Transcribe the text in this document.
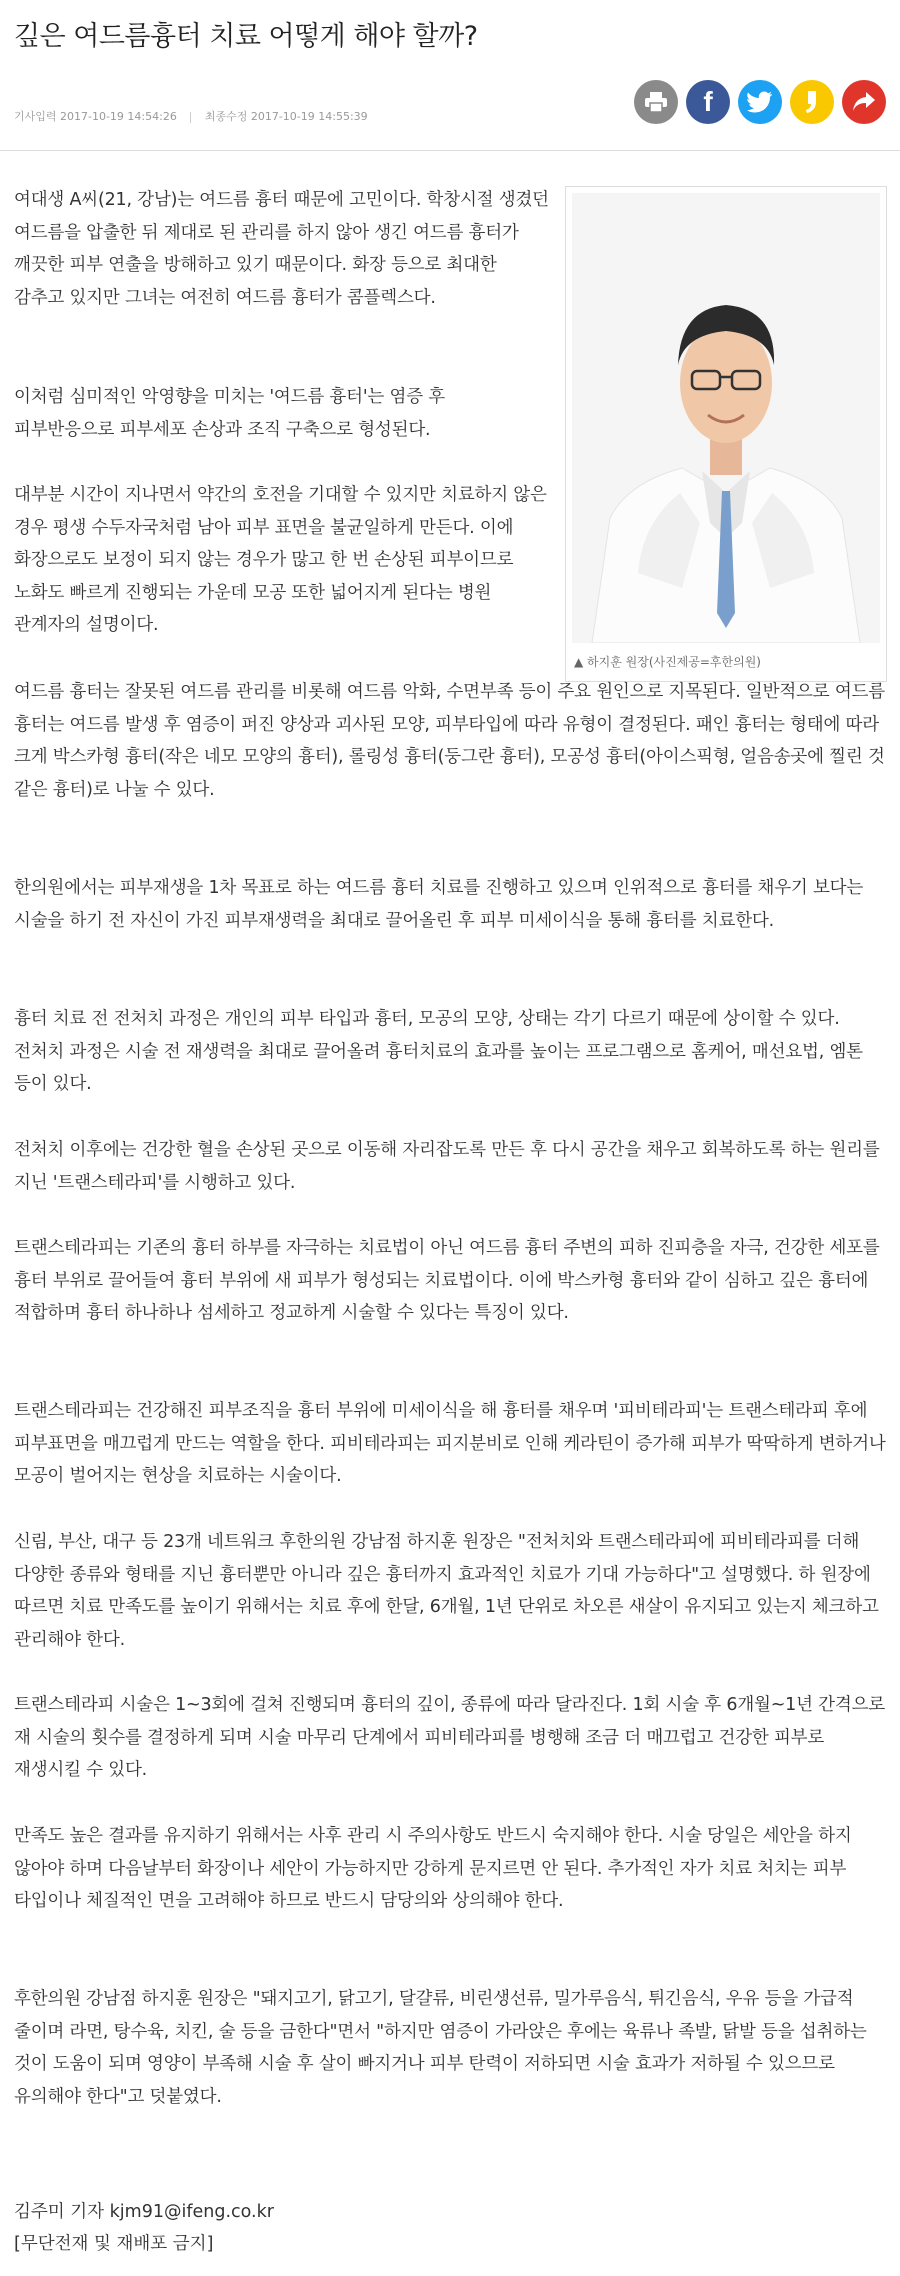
깊은 여드름흉터 치료 어떻게 해야 할까?
기사입력 2017-10-19 14:54:26	최종수정 2017-10-19 14:55:39	f
▲ 하지훈 원장(사진제공=후한의원)

여대생 A씨(21, 강남)는 여드름 흉터 때문에 고민이다. 학창시절 생겼던 여드름을 압출한 뒤 제대로 된 관리를 하지 않아 생긴 여드름 흉터가 깨끗한 피부 연출을 방해하고 있기 때문이다. 화장 등으로 최대한 감추고 있지만 그녀는 여전히 여드름 흉터가 콤플렉스다.

이처럼 심미적인 악영향을 미치는 '여드름 흉터'는 염증 후 피부반응으로 피부세포 손상과 조직 구축으로 형성된다.

대부분 시간이 지나면서 약간의 호전을 기대할 수 있지만 치료하지 않은 경우 평생 수두자국처럼 남아 피부 표면을 불균일하게 만든다. 이에 화장으로도 보정이 되지 않는 경우가 많고 한 번 손상된 피부이므로 노화도 빠르게 진행되는 가운데 모공 또한 넓어지게 된다는 병원 관계자의 설명이다.

여드름 흉터는 잘못된 여드름 관리를 비롯해 여드름 악화, 수면부족 등이 주요 원인으로 지목된다. 일반적으로 여드름 흉터는 여드름 발생 후 염증이 퍼진 양상과 괴사된 모양, 피부타입에 따라 유형이 결정된다. 패인 흉터는 형태에 따라 크게 박스카형 흉터(작은 네모 모양의 흉터), 롤링성 흉터(둥그란 흉터), 모공성 흉터(아이스픽형, 얼음송곳에 찔린 것 같은 흉터)로 나눌 수 있다.

한의원에서는 피부재생을 1차 목표로 하는 여드름 흉터 치료를 진행하고 있으며 인위적으로 흉터를 채우기 보다는 시술을 하기 전 자신이 가진 피부재생력을 최대로 끌어올린 후 피부 미세이식을 통해 흉터를 치료한다.

흉터 치료 전 전처치 과정은 개인의 피부 타입과 흉터, 모공의 모양, 상태는 각기 다르기 때문에 상이할 수 있다. 전처치 과정은 시술 전 재생력을 최대로 끌어올려 흉터치료의 효과를 높이는 프로그램으로 홈케어, 매선요법, 엠톤 등이 있다.

전처치 이후에는 건강한 혈을 손상된 곳으로 이동해 자리잡도록 만든 후 다시 공간을 채우고 회복하도록 하는 원리를 지닌 '트랜스테라피'를 시행하고 있다.

트랜스테라피는 기존의 흉터 하부를 자극하는 치료법이 아닌 여드름 흉터 주변의 피하 진피층을 자극, 건강한 세포를 흉터 부위로 끌어들여 흉터 부위에 새 피부가 형성되는 치료법이다. 이에 박스카형 흉터와 같이 심하고 깊은 흉터에 적합하며 흉터 하나하나 섬세하고 정교하게 시술할 수 있다는 특징이 있다.

트랜스테라피는 건강해진 피부조직을 흉터 부위에 미세이식을 해 흉터를 채우며 '피비테라피'는 트랜스테라피 후에 피부표면을 매끄럽게 만드는 역할을 한다. 피비테라피는 피지분비로 인해 케라틴이 증가해 피부가 딱딱하게 변하거나 모공이 벌어지는 현상을 치료하는 시술이다.

신림, 부산, 대구 등 23개 네트워크 후한의원 강남점 하지훈 원장은 "전처치와 트랜스테라피에 피비테라피를 더해 다양한 종류와 형태를 지닌 흉터뿐만 아니라 깊은 흉터까지 효과적인 치료가 기대 가능하다"고 설명했다. 하 원장에 따르면 치료 만족도를 높이기 위해서는 치료 후에 한달, 6개월, 1년 단위로 차오른 새살이 유지되고 있는지 체크하고 관리해야 한다.

트랜스테라피 시술은 1~3회에 걸쳐 진행되며 흉터의 깊이, 종류에 따라 달라진다. 1회 시술 후 6개월~1년 간격으로 재 시술의 횟수를 결정하게 되며 시술 마무리 단계에서 피비테라피를 병행해 조금 더 매끄럽고 건강한 피부로 재생시킬 수 있다.

만족도 높은 결과를 유지하기 위해서는 사후 관리 시 주의사항도 반드시 숙지해야 한다. 시술 당일은 세안을 하지 않아야 하며 다음날부터 화장이나 세안이 가능하지만 강하게 문지르면 안 된다. 추가적인 자가 치료 처치는 피부 타입이나 체질적인 면을 고려해야 하므로 반드시 담당의와 상의해야 한다.

후한의원 강남점 하지훈 원장은 "돼지고기, 닭고기, 달걀류, 비린생선류, 밀가루음식, 튀긴음식, 우유 등을 가급적 줄이며 라면, 탕수육, 치킨, 술 등을 금한다"면서 "하지만 염증이 가라앉은 후에는 육류나 족발, 닭발 등을 섭취하는 것이 도움이 되며 영양이 부족해 시술 후 살이 빠지거나 피부 탄력이 저하되면 시술 효과가 저하될 수 있으므로 유의해야 한다"고 덧붙였다.

김주미 기자 kjm91@ifeng.co.kr
[무단전재 및 재배포 금지]
